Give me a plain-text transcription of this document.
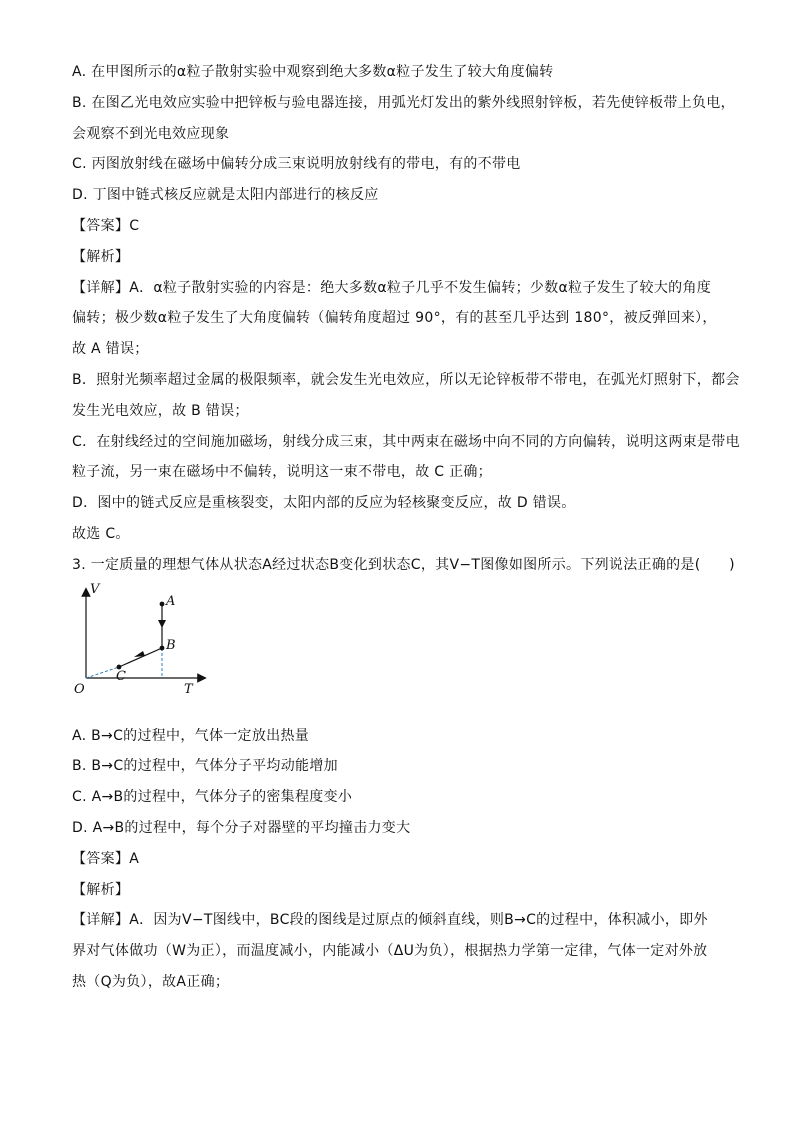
A. 在甲图所示的α粒子散射实验中观察到绝大多数α粒子发生了较大角度偏转
B. 在图乙光电效应实验中把锌板与验电器连接，用弧光灯发出的紫外线照射锌板，若先使锌板带上负电，
会观察不到光电效应现象
C. 丙图放射线在磁场中偏转分成三束说明放射线有的带电，有的不带电
D. 丁图中链式核反应就是太阳内部进行的核反应
【答案】C
【解析】
【详解】A．α粒子散射实验的内容是：绝大多数α粒子几乎不发生偏转；少数α粒子发生了较大的角度
偏转；极少数α粒子发生了大角度偏转（偏转角度超过 90°，有的甚至几乎达到 180°，被反弹回来），
故 A 错误；
B．照射光频率超过金属的极限频率，就会发生光电效应，所以无论锌板带不带电，在弧光灯照射下，都会
发生光电效应，故 B 错误；
C．在射线经过的空间施加磁场，射线分成三束，其中两束在磁场中向不同的方向偏转，说明这两束是带电
粒子流，另一束在磁场中不偏转，说明这一束不带电，故 C 正确；
D．图中的链式反应是重核裂变，太阳内部的反应为轻核聚变反应，故 D 错误。
故选 C。
3. 一定质量的理想气体从状态A经过状态B变化到状态C，其V−T图像如图所示。下列说法正确的是(　　)
V
T
O
A
B
C
A. B→C的过程中，气体一定放出热量
B. B→C的过程中，气体分子平均动能增加
C. A→B的过程中，气体分子的密集程度变小
D. A→B的过程中，每个分子对器壁的平均撞击力变大
【答案】A
【解析】
【详解】A．因为V−T图线中，BC段的图线是过原点的倾斜直线，则B→C的过程中，体积减小，即外
界对气体做功（W为正），而温度减小，内能减小（ΔU为负），根据热力学第一定律，气体一定对外放
热（Q为负），故A正确；
